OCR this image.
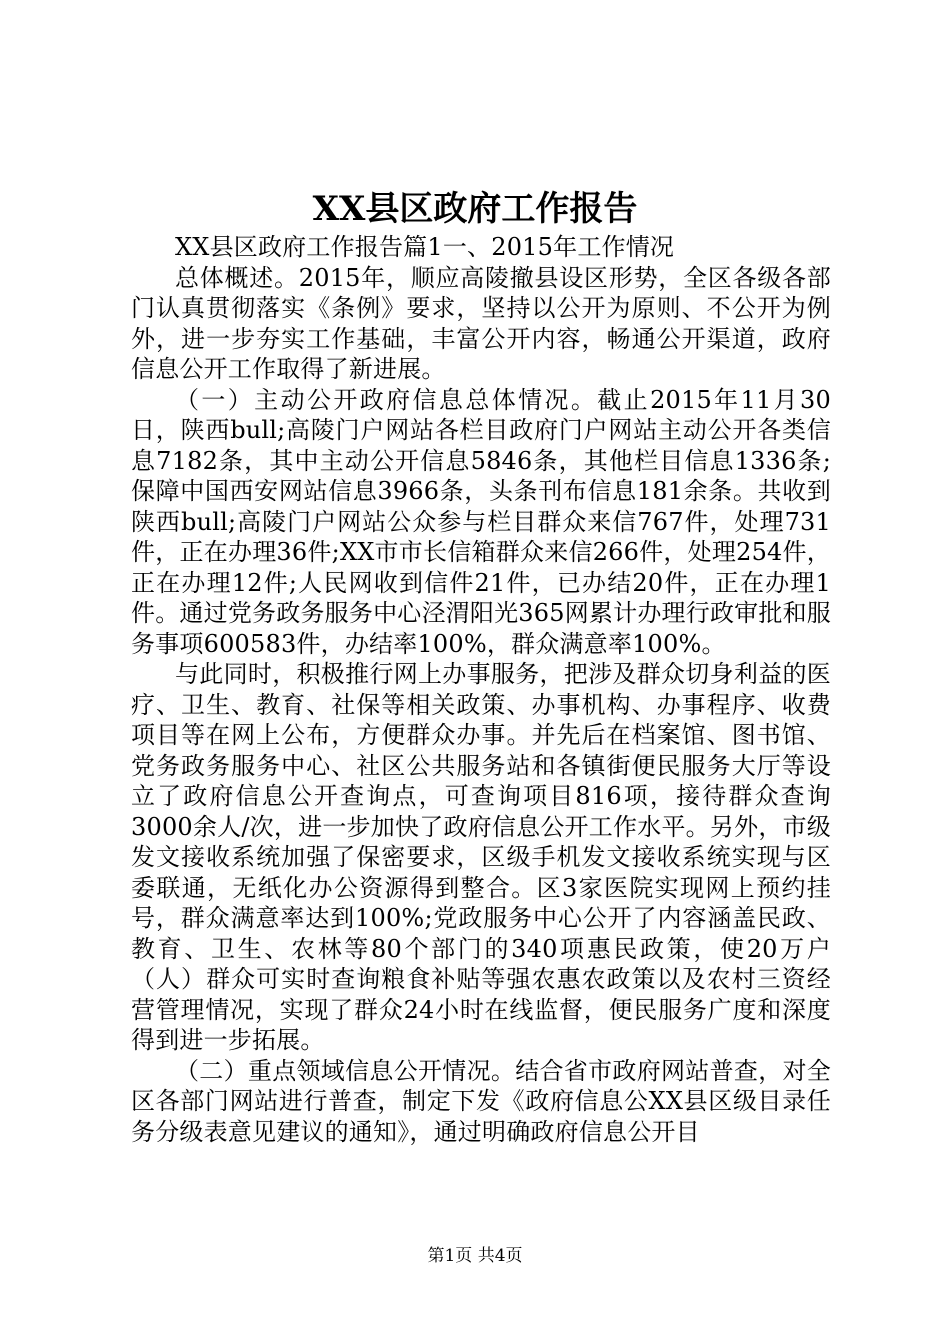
XX县区政府工作报告

XX县区政府工作报告篇1一、2015年工作情况

总体概述。2015年，顺应高陵撤县设区形势，全区各级各部门认真贯彻落实《条例》要求，坚持以公开为原则、不公开为例外，进一步夯实工作基础，丰富公开内容，畅通公开渠道，政府信息公开工作取得了新进展。

（一）主动公开政府信息总体情况。截止2015年11月30日，陕西bull;高陵门户网站各栏目政府门户网站主动公开各类信息7182条，其中主动公开信息5846条，其他栏目信息1336条;保障中国西安网站信息3966条，头条刊布信息181余条。共收到陕西bull;高陵门户网站公众参与栏目群众来信767件，处理731件，正在办理36件;XX市市长信箱群众来信266件，处理254件，正在办理12件;人民网收到信件21件，已办结20件，正在办理1件。通过党务政务服务中心泾渭阳光365网累计办理行政审批和服务事项600583件，办结率100%，群众满意率100%。

与此同时，积极推行网上办事服务，把涉及群众切身利益的医疗、卫生、教育、社保等相关政策、办事机构、办事程序、收费项目等在网上公布，方便群众办事。并先后在档案馆、图书馆、党务政务服务中心、社区公共服务站和各镇街便民服务大厅等设立了政府信息公开查询点，可查询项目816项，接待群众查询3000余人/次，进一步加快了政府信息公开工作水平。另外，市级发文接收系统加强了保密要求，区级手机发文接收系统实现与区委联通，无纸化办公资源得到整合。区3家医院实现网上预约挂号，群众满意率达到100%;党政服务中心公开了内容涵盖民政、教育、卫生、农林等80个部门的340项惠民政策，使20万户（人）群众可实时查询粮食补贴等强农惠农政策以及农村三资经营管理情况，实现了群众24小时在线监督，便民服务广度和深度得到进一步拓展。

（二）重点领域信息公开情况。结合省市政府网站普查，对全区各部门网站进行普查，制定下发《政府信息公XX县区级目录任务分级表意见建议的通知》，通过明确政府信息公开目

第1页 共4页
